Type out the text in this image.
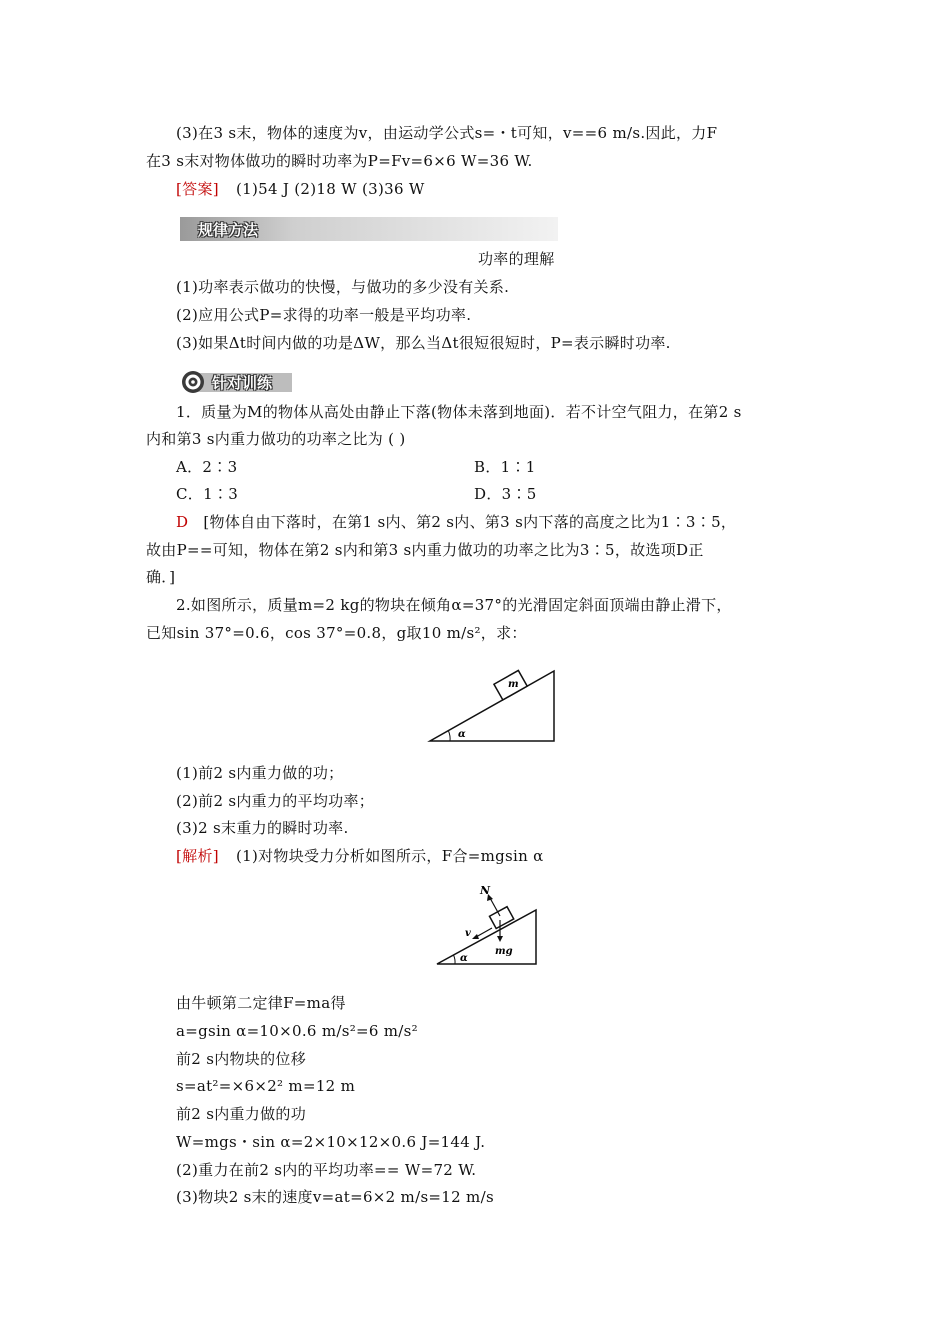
(3)在3 s末，物体的速度为v，由运动学公式s=・t可知，v==6 m/s.因此，力F
在3 s末对物体做功的瞬时功率为P=Fv=6×6 W=36 W.
[答案] (1)54 J (2)18 W (3)36 W
规律方法
功率的理解
(1)功率表示做功的快慢，与做功的多少没有关系.
(2)应用公式P=求得的功率一般是平均功率.
(3)如果Δt时间内做的功是ΔW，那么当Δt很短很短时，P=表示瞬时功率.
针对训练
1．质量为M的物体从高处由静止下落(物体未落到地面)．若不计空气阻力，在第2 s
内和第3 s内重力做功的功率之比为 ( )
A．2∶3	B．1∶1
C．1∶3	D．3∶5
D [物体自由下落时，在第1 s内、第2 s内、第3 s内下落的高度之比为1∶3∶5，
故由P==可知，物体在第2 s内和第3 s内重力做功的功率之比为3∶5，故选项D正
确．]
2.如图所示，质量m=2 kg的物块在倾角α=37°的光滑固定斜面顶端由静止滑下，
已知sin 37°=0.6，cos 37°=0.8，g取10 m/s²，求：
m
α
(1)前2 s内重力做的功；
(2)前2 s内重力的平均功率；
(3)2 s末重力的瞬时功率.
[解析] (1)对物块受力分析如图所示，F合=mgsin α
N
v
mg
α
由牛顿第二定律F=ma得
a=gsin α=10×0.6 m/s²=6 m/s²
前2 s内物块的位移
s=at²=×6×2² m=12 m
前2 s内重力做的功
W=mgs・sin α=2×10×12×0.6 J=144 J.
(2)重力在前2 s内的平均功率== W=72 W.
(3)物块2 s末的速度v=at=6×2 m/s=12 m/s
